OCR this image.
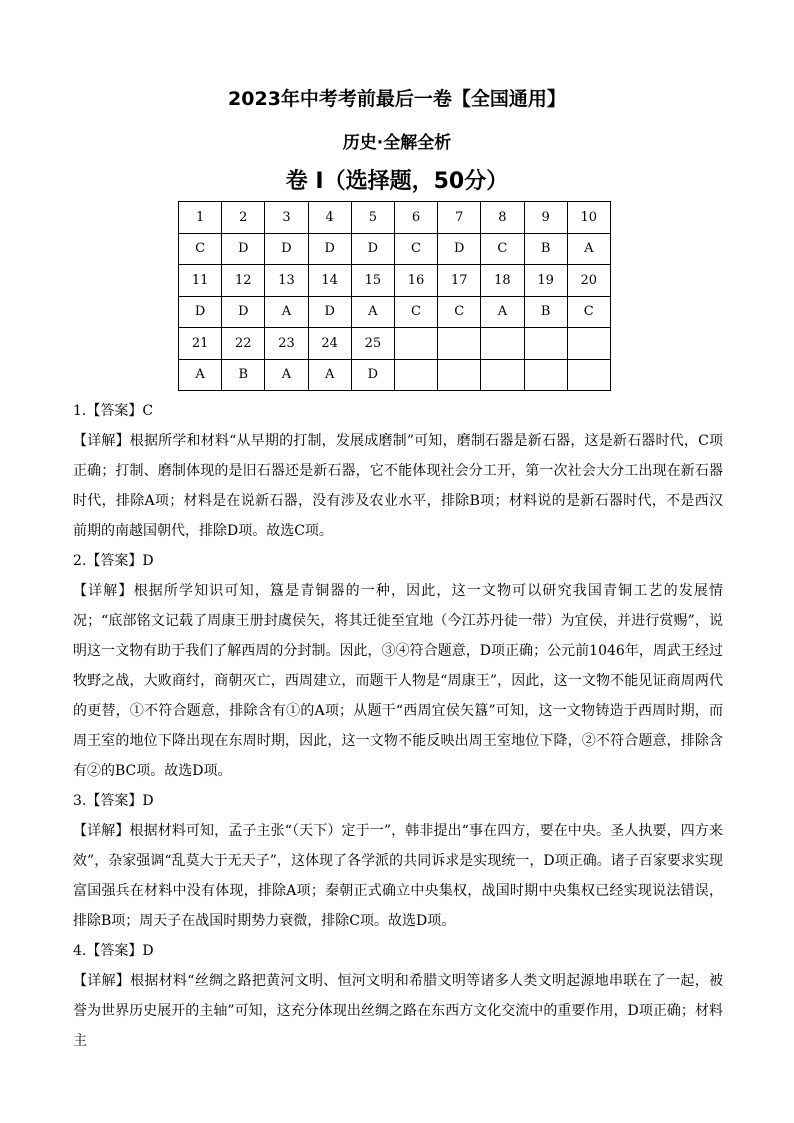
2023年中考考前最后一卷【全国通用】
历史·全解全析
卷 I（选择题，50分）
1	2	3	4	5	6	7	8	9	10
C	D	D	D	D	C	D	C	B	A
11	12	13	14	15	16	17	18	19	20
D	D	A	D	A	C	C	A	B	C
21	22	23	24	25					
A	B	A	A	D					
1.【答案】C
【详解】根据所学和材料“从早期的打制，发展成磨制”可知，磨制石器是新石器，这是新石器时代，C项正确；打制、磨制体现的是旧石器还是新石器，它不能体现社会分工开，第一次社会大分工出现在新石器时代，排除A项；材料是在说新石器，没有涉及农业水平，排除B项；材料说的是新石器时代，不是西汉前期的南越国朝代，排除D项。故选C项。
2.【答案】D
【详解】根据所学知识可知，簋是青铜器的一种，因此，这一文物可以研究我国青铜工艺的发展情况；“底部铭文记载了周康王册封虞侯矢，将其迁徙至宜地（今江苏丹徒一带）为宜侯，并进行赏赐”，说明这一文物有助于我们了解西周的分封制。因此，③④符合题意，D项正确；公元前1046年，周武王经过牧野之战，大败商纣，商朝灭亡，西周建立，而题干人物是“周康王”，因此，这一文物不能见证商周两代的更替，①不符合题意，排除含有①的A项；从题干“西周宜侯矢簋”可知，这一文物铸造于西周时期，而周王室的地位下降出现在东周时期，因此，这一文物不能反映出周王室地位下降，②不符合题意，排除含有②的BC项。故选D项。
3.【答案】D
【详解】根据材料可知，孟子主张“（天下）定于一”，韩非提出“事在四方，要在中央。圣人执要，四方来效”，杂家强调“乱莫大于无天子”，这体现了各学派的共同诉求是实现统一，D项正确。诸子百家要求实现富国强兵在材料中没有体现，排除A项；秦朝正式确立中央集权，战国时期中央集权已经实现说法错误，排除B项；周天子在战国时期势力衰微，排除C项。故选D项。
4.【答案】D
【详解】根据材料“丝绸之路把黄河文明、恒河文明和希腊文明等诸多人类文明起源地串联在了一起，被誉为世界历史展开的主轴”可知，这充分体现出丝绸之路在东西方文化交流中的重要作用，D项正确；材料主
